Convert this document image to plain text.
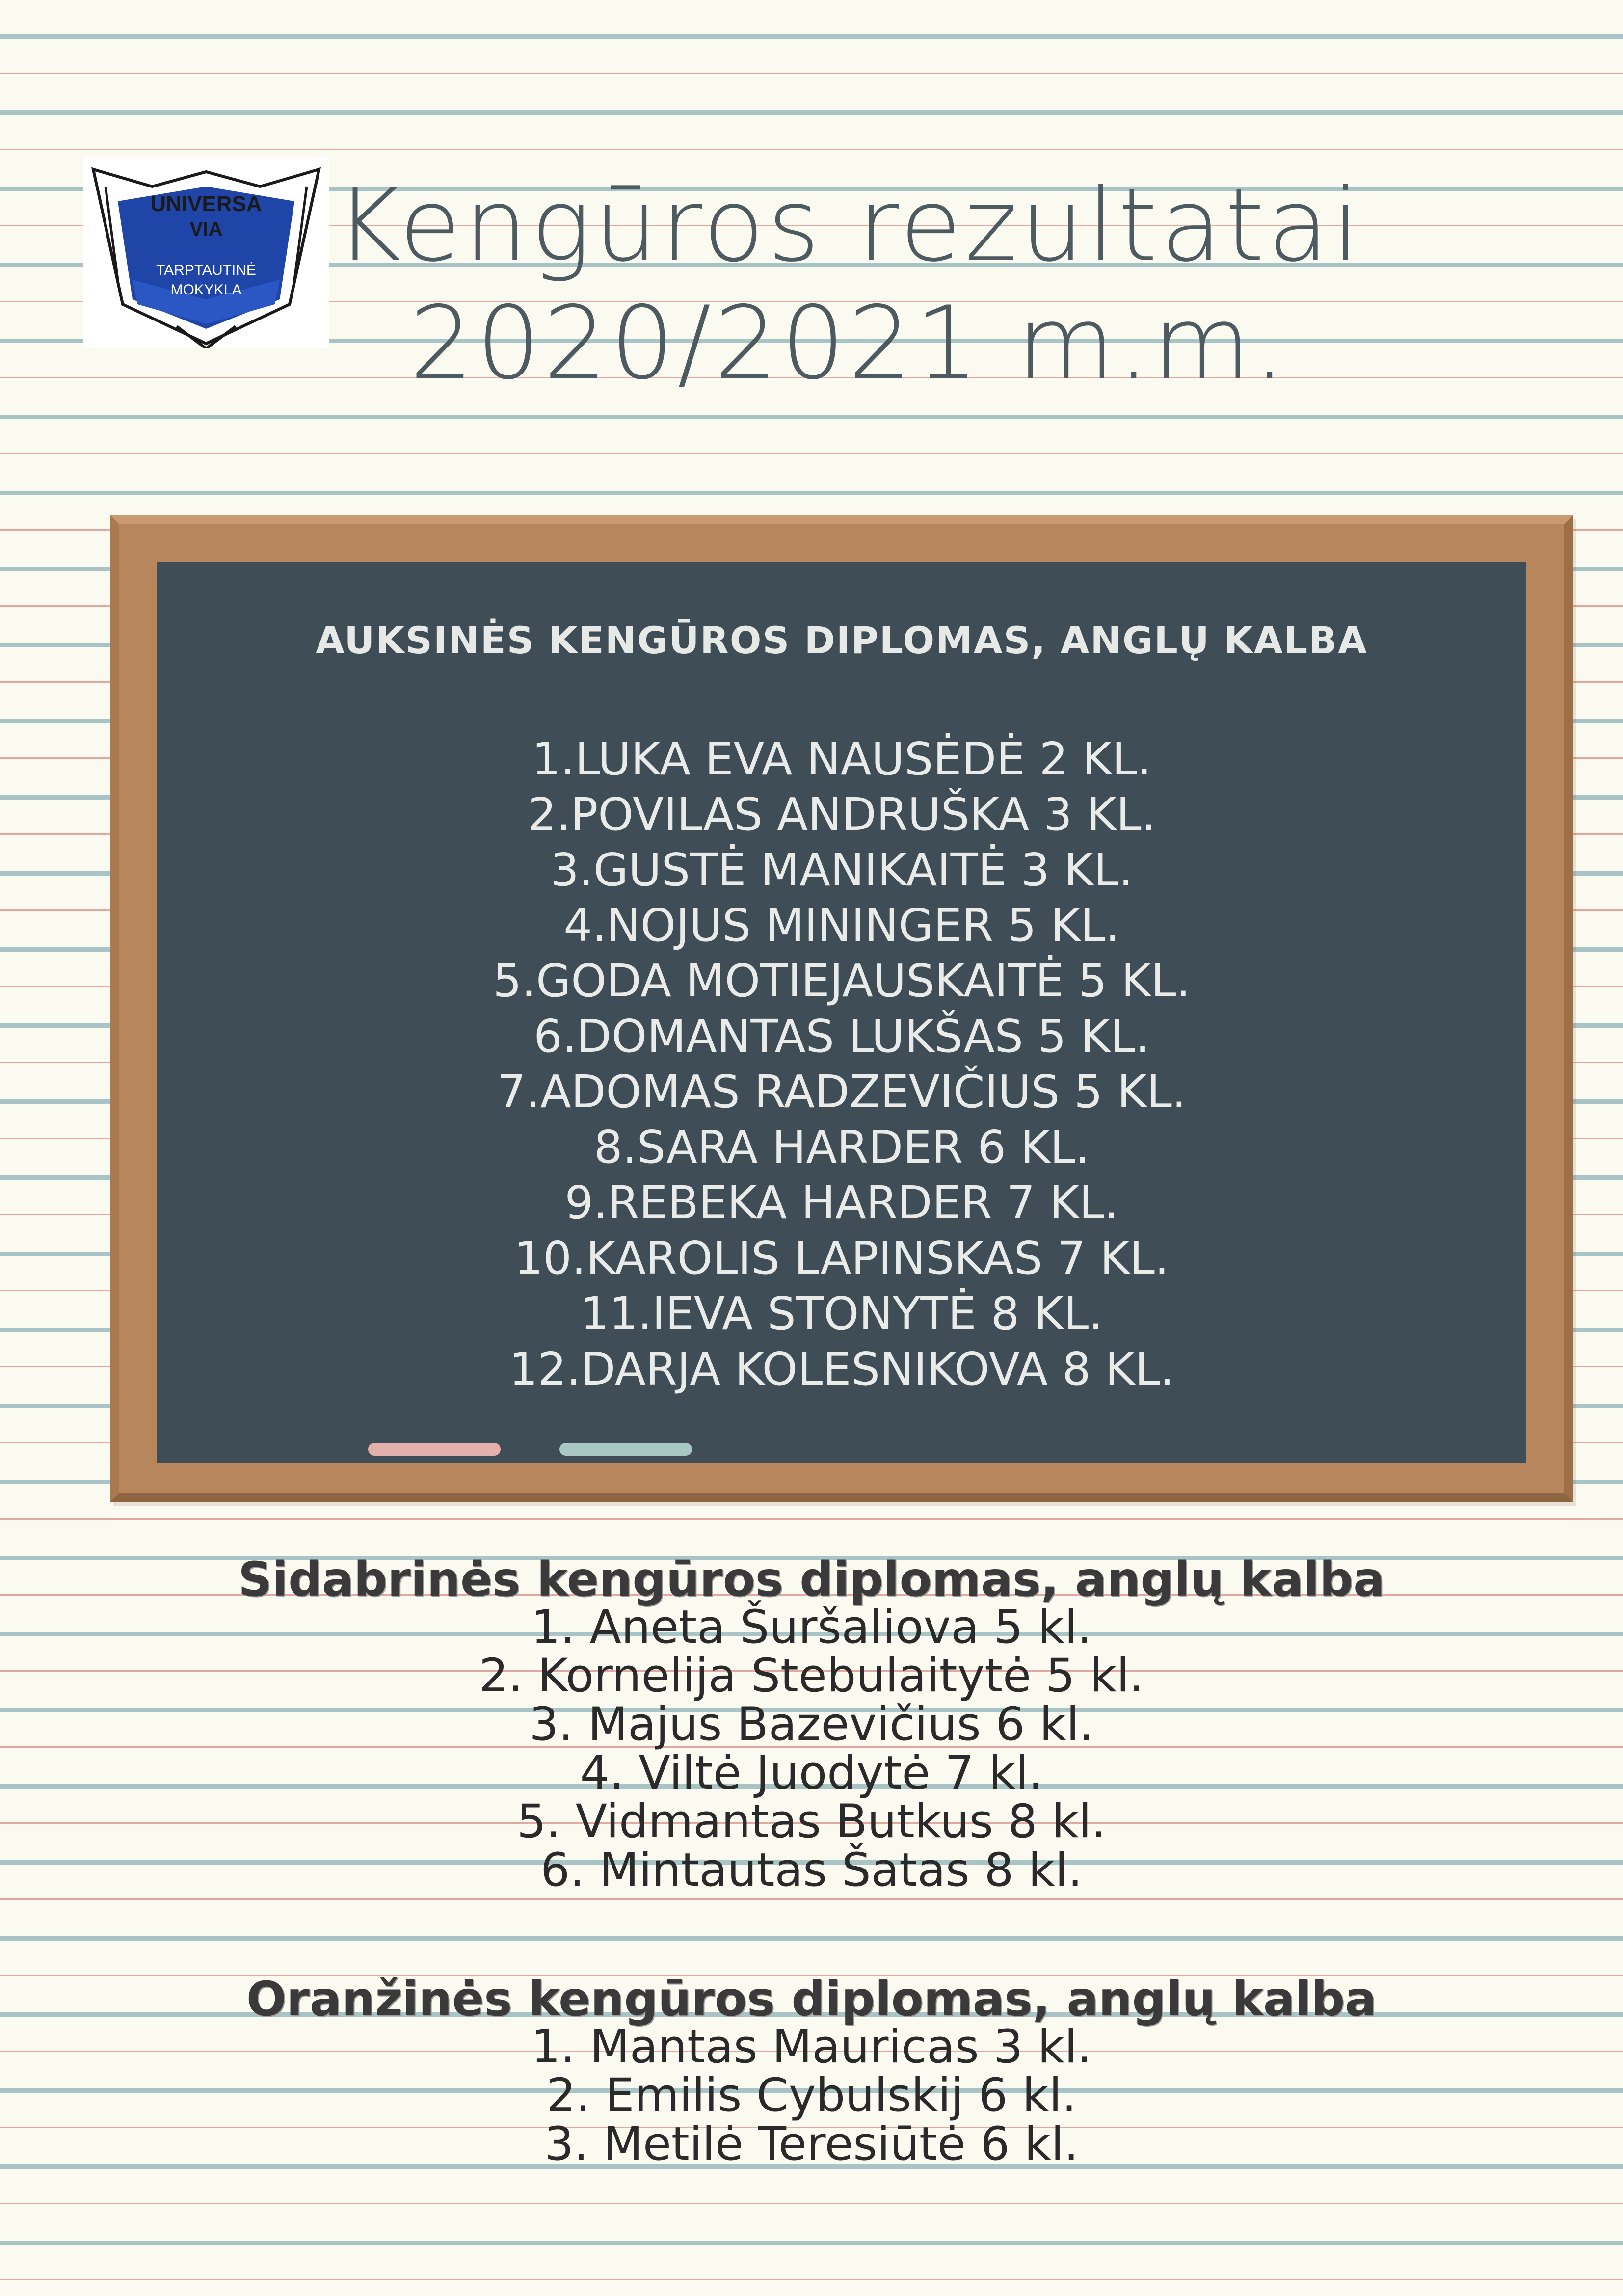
UNIVERSA
VIA
TARPTAUTINĖ
MOKYKLA
Kengūros rezultatai
2020/2021 m.m.
AUKSINĖS KENGŪROS DIPLOMAS, ANGLŲ KALBA
1.LUKA EVA NAUSĖDĖ 2 KL.
2.POVILAS ANDRUŠKA 3 KL.
3.GUSTĖ MANIKAITĖ 3 KL.
4.NOJUS MININGER 5 KL.
5.GODA MOTIEJAUSKAITĖ 5 KL.
6.DOMANTAS LUKŠAS 5 KL.
7.ADOMAS RADZEVIČIUS 5 KL.
8.SARA HARDER 6 KL.
9.REBEKA HARDER 7 KL.
10.KAROLIS LAPINSKAS 7 KL.
11.IEVA STONYTĖ 8 KL.
12.DARJA KOLESNIKOVA 8 KL.
Sidabrinės kengūros diplomas, anglų kalba
1. Aneta Šuršaliova 5 kl.
2. Kornelija Stebulaitytė 5 kl.
3. Majus Bazevičius 6 kl.
4. Viltė Juodytė 7 kl.
5. Vidmantas Butkus 8 kl.
6. Mintautas Šatas 8 kl.
Oranžinės kengūros diplomas, anglų kalba
1. Mantas Mauricas 3 kl.
2. Emilis Cybulskij 6 kl.
3. Metilė Teresiūtė 6 kl.
